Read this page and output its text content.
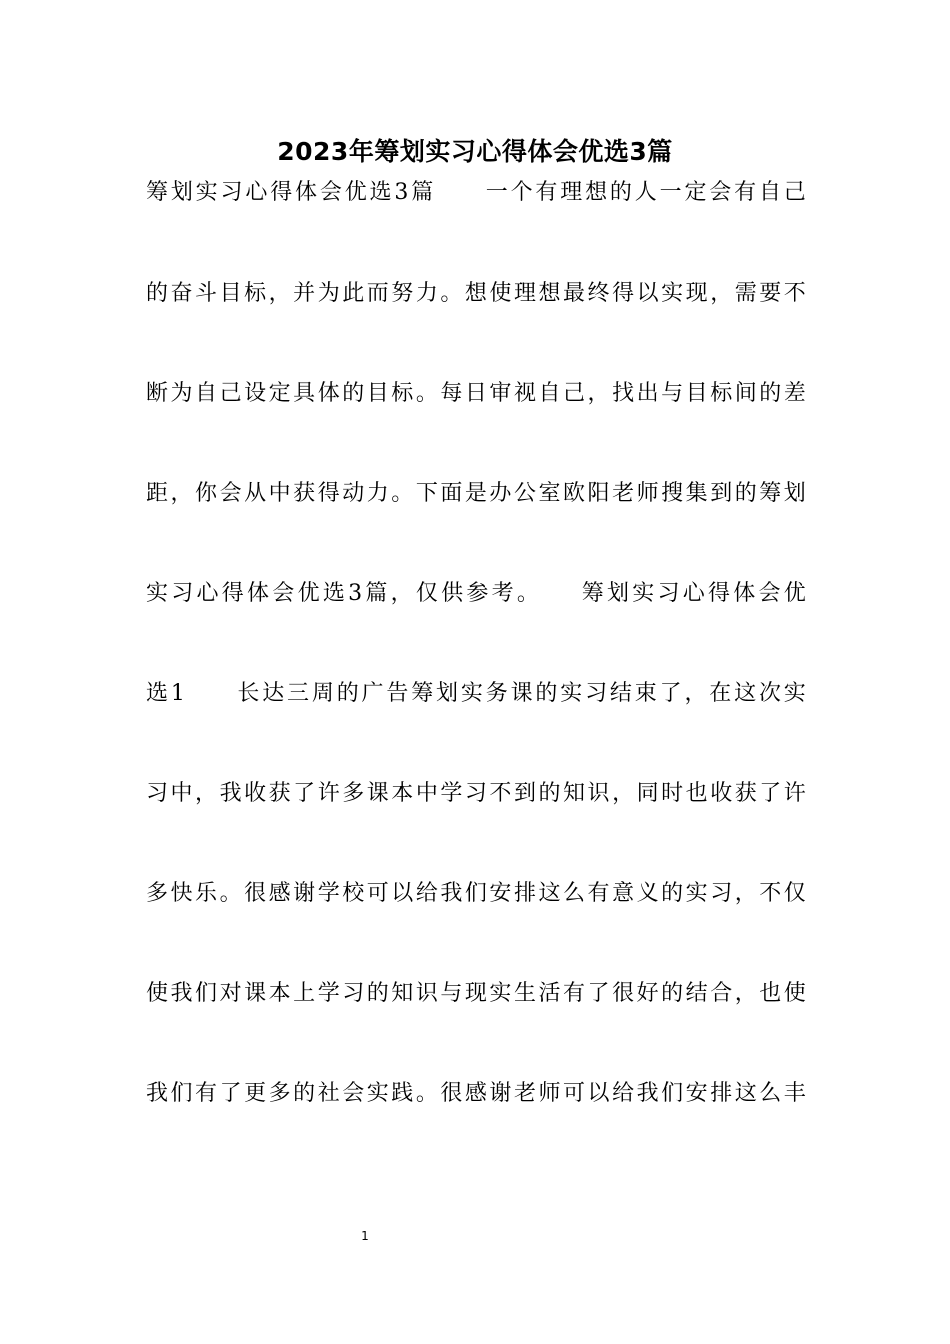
2023年筹划实习心得体会优选3篇
筹划实习心得体会优选3篇　　一个有理想的人一定会有自己
的奋斗目标，并为此而努力。想使理想最终得以实现，需要不
断为自己设定具体的目标。每日审视自己，找出与目标间的差
距，你会从中获得动力。下面是办公室欧阳老师搜集到的筹划
实习心得体会优选3篇，仅供参考。　　筹划实习心得体会优
选1　　长达三周的广告筹划实务课的实习结束了，在这次实
习中，我收获了许多课本中学习不到的知识，同时也收获了许
多快乐。很感谢学校可以给我们安排这么有意义的实习，不仅
使我们对课本上学习的知识与现实生活有了很好的结合，也使
我们有了更多的社会实践。很感谢老师可以给我们安排这么丰
1
